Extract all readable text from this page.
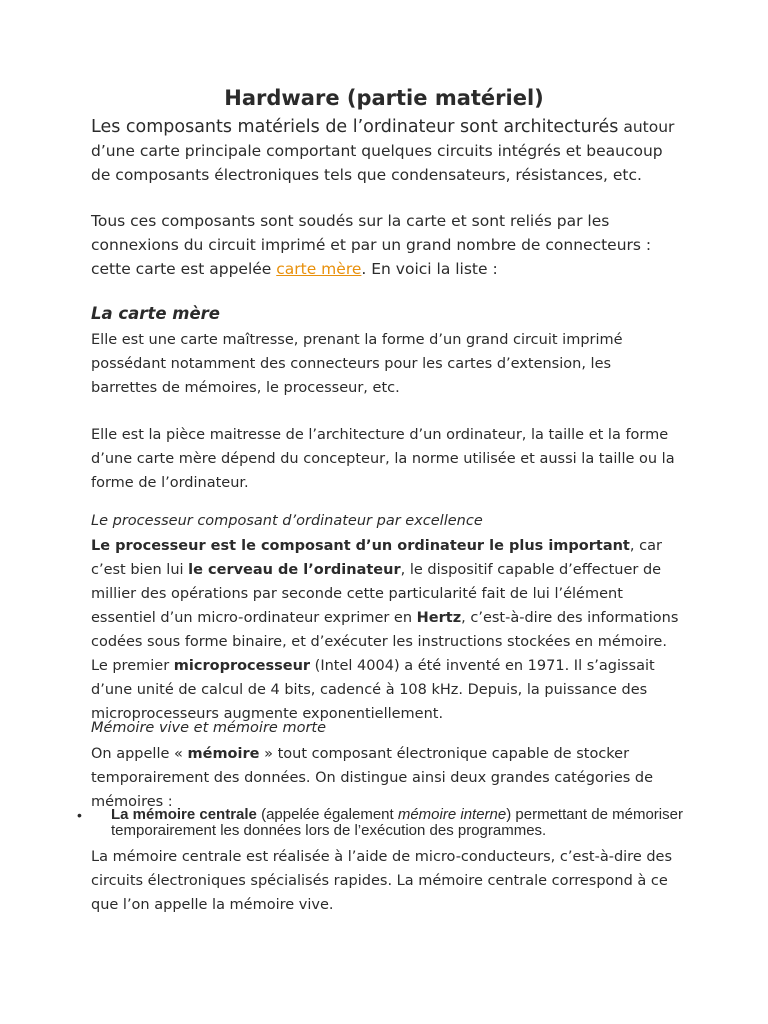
Hardware (partie matériel)

Les composants matériels de l’ordinateur sont architecturés autour d’une carte principale comportant quelques circuits intégrés et beaucoup de composants électroniques tels que condensateurs, résistances, etc.

Tous ces composants sont soudés sur la carte et sont reliés par les connexions du circuit imprimé et par un grand nombre de connecteurs : cette carte est appelée carte mère. En voici la liste :

La carte mère

Elle est une carte maîtresse, prenant la forme d’un grand circuit imprimé possédant notamment des connecteurs pour les cartes d’extension, les barrettes de mémoires, le processeur, etc.

Elle est la pièce maitresse de l’architecture d’un ordinateur, la taille et la forme d’une carte mère dépend du concepteur, la norme utilisée et aussi la taille ou la forme de l’ordinateur.

Le processeur composant d’ordinateur par excellence

Le processeur est le composant d’un ordinateur le plus important, car c’est bien lui le cerveau de l’ordinateur, le dispositif capable d’effectuer de millier des opérations par seconde cette particularité fait de lui l’élément essentiel d’un micro-ordinateur exprimer en Hertz, c’est-à-dire des informations codées sous forme binaire, et d’exécuter les instructions stockées en mémoire. Le premier microprocesseur (Intel 4004) a été inventé en 1971. Il s’agissait d’une unité de calcul de 4 bits, cadencé à 108 kHz. Depuis, la puissance des microprocesseurs augmente exponentiellement.

Mémoire vive et mémoire morte

On appelle « mémoire » tout composant électronique capable de stocker temporairement des données. On distingue ainsi deux grandes catégories de mémoires :

• La mémoire centrale (appelée également mémoire interne) permettant de mémoriser temporairement les données lors de l’exécution des programmes.

La mémoire centrale est réalisée à l’aide de micro-conducteurs, c’est-à-dire des circuits électroniques spécialisés rapides. La mémoire centrale correspond à ce que l’on appelle la mémoire vive.
